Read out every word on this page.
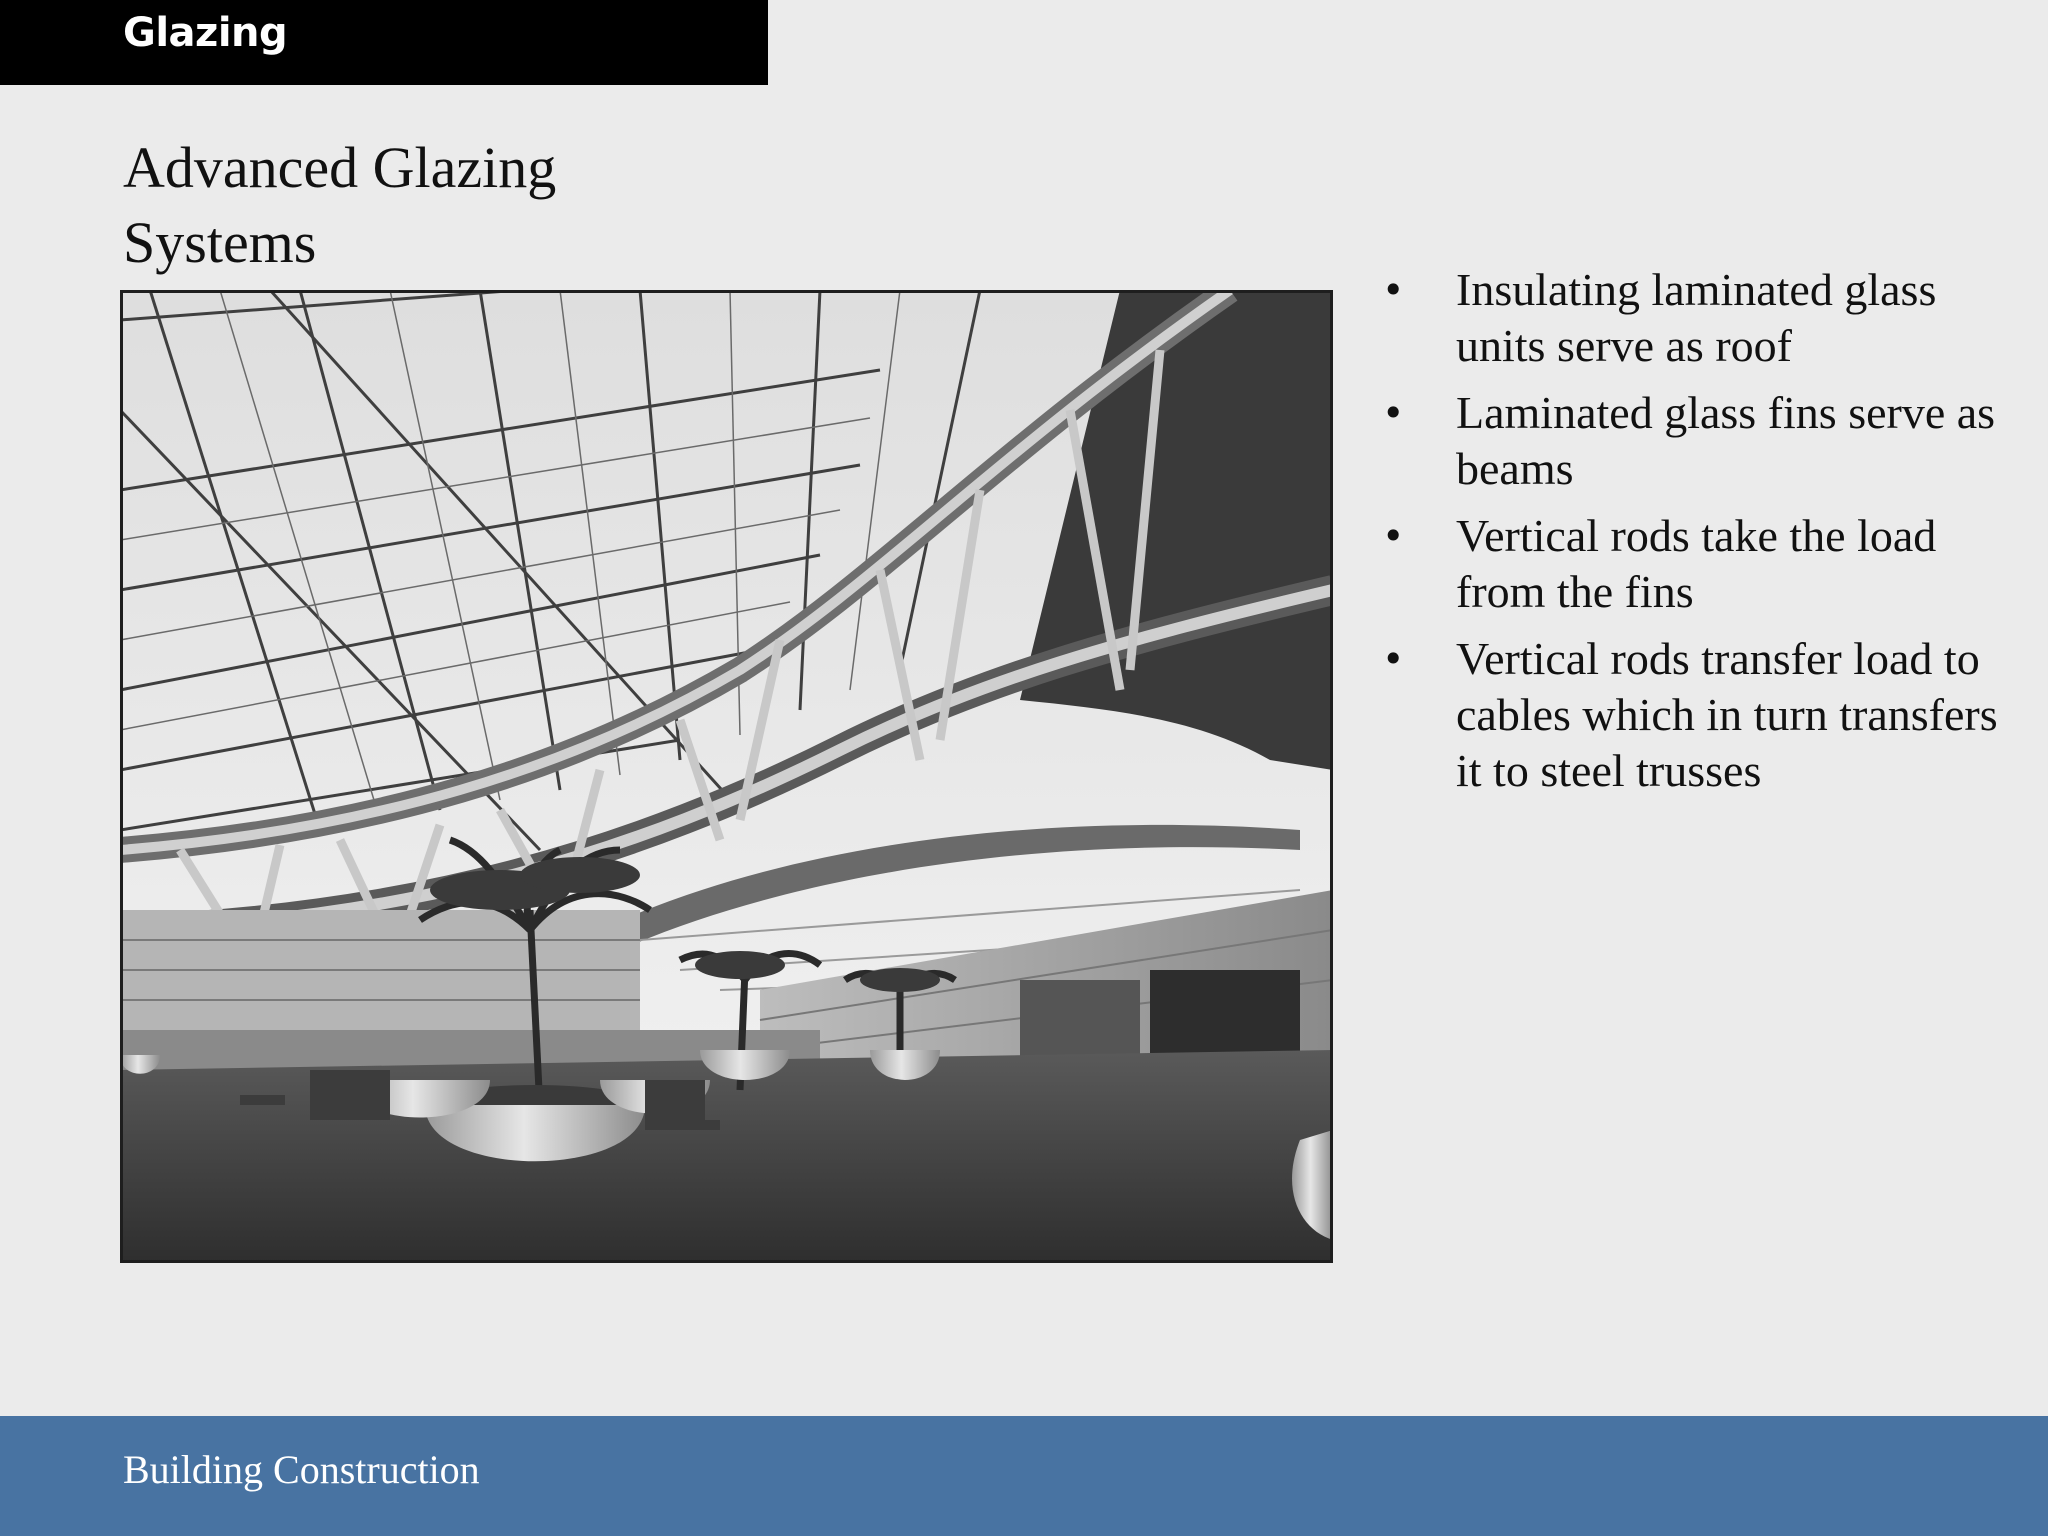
Glazing
Advanced Glazing
Systems
• Insulating laminated glass units serve as roof
• Laminated glass fins serve as beams
• Vertical rods take the load from the fins
• Vertical rods transfer load to cables which in turn transfers it to steel trusses
Building Construction
